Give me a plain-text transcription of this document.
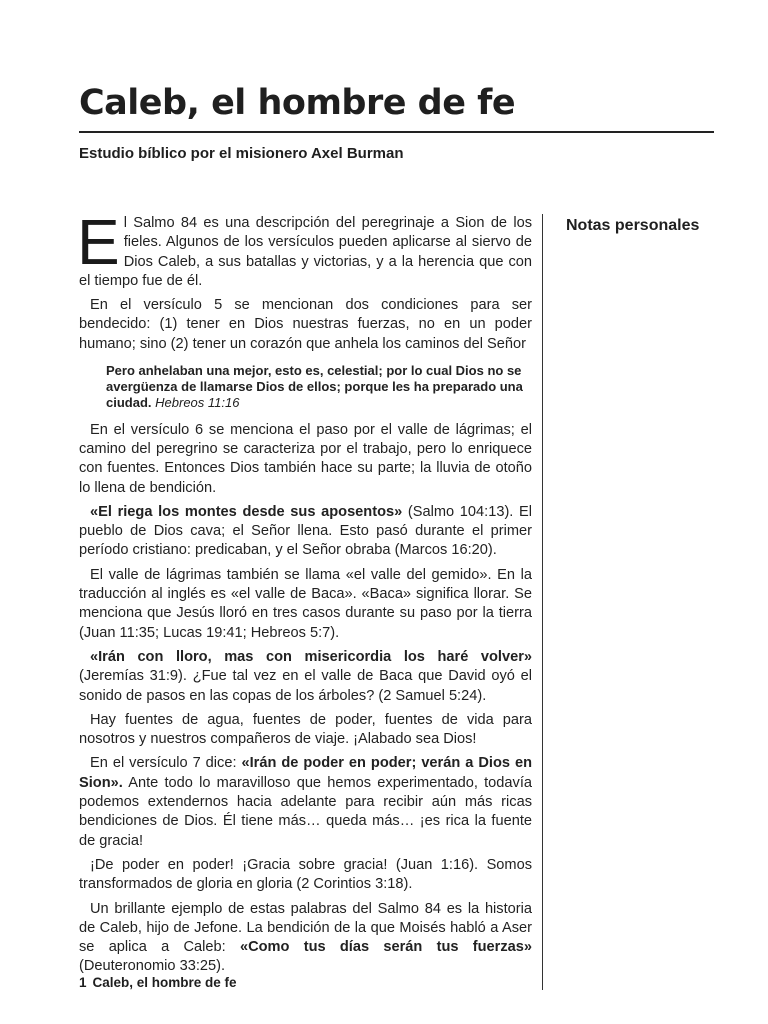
Caleb, el hombre de fe
Estudio bíblico por el misionero Axel Burman

El Salmo 84 es una descripción del peregrinaje a Sion de los fieles. Algunos de los versículos pueden aplicarse al siervo de Dios Caleb, a sus batallas y victorias, y a la herencia que con el tiempo fue de él.

En el versículo 5 se mencionan dos condiciones para ser bendecido: (1) tener en Dios nuestras fuerzas, no en un poder humano; sino (2) tener un corazón que anhela los caminos del Señor

Pero anhelaban una mejor, esto es, celestial; por lo cual Dios no se avergüenza de llamarse Dios de ellos; porque les ha preparado una ciudad. Hebreos 11:16

En el versículo 6 se menciona el paso por el valle de lágrimas; el camino del peregrino se caracteriza por el trabajo, pero lo enriquece con fuentes. Entonces Dios también hace su parte; la lluvia de otoño lo llena de bendición.

«El riega los montes desde sus aposentos» (Salmo 104:13). El pueblo de Dios cava; el Señor llena. Esto pasó durante el primer período cristiano: predicaban, y el Señor obraba (Marcos 16:20).

El valle de lágrimas también se llama «el valle del gemido». En la traducción al inglés es «el valle de Baca». «Baca» significa llorar. Se menciona que Jesús lloró en tres casos durante su paso por la tierra (Juan 11:35; Lucas 19:41; Hebreos 5:7).

«Irán con lloro, mas con misericordia los haré volver» (Jeremías 31:9). ¿Fue tal vez en el valle de Baca que David oyó el sonido de pasos en las copas de los árboles? (2 Samuel 5:24).

Hay fuentes de agua, fuentes de poder, fuentes de vida para nosotros y nuestros compañeros de viaje. ¡Alabado sea Dios!

En el versículo 7 dice: «Irán de poder en poder; verán a Dios en Sion». Ante todo lo maravilloso que hemos experimentado, todavía podemos extendernos hacia adelante para recibir aún más ricas bendiciones de Dios. Él tiene más… queda más… ¡es rica la fuente de gracia!

¡De poder en poder! ¡Gracia sobre gracia! (Juan 1:16). Somos transformados de gloria en gloria (2 Corintios 3:18).

Un brillante ejemplo de estas palabras del Salmo 84 es la historia de Caleb, hijo de Jefone. La bendición de la que Moisés habló a Aser se aplica a Caleb: «Como tus días serán tus fuerzas» (Deuteronomio 33:25).

Notas personales
1 Caleb, el hombre de fe
